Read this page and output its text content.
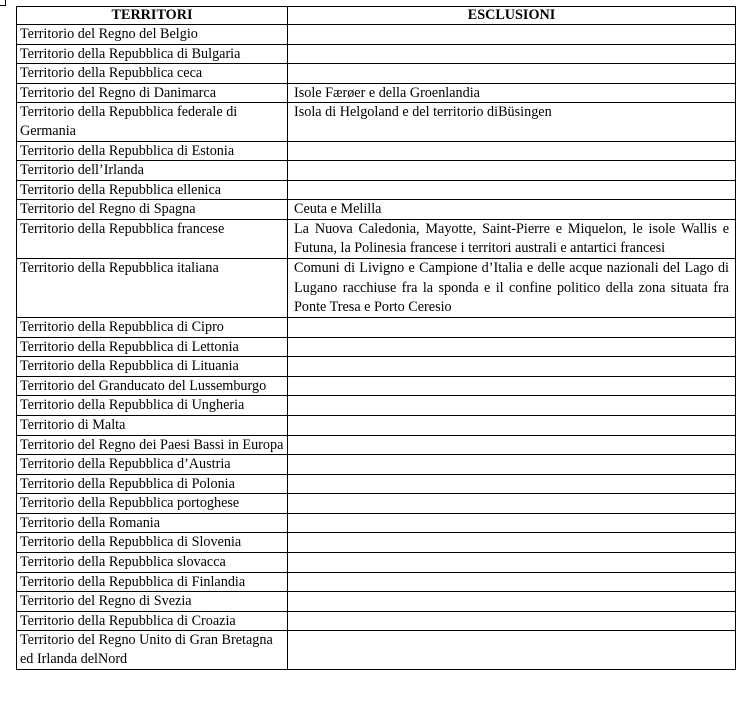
TERRITORI	ESCLUSIONI
Territorio del Regno del Belgio	
Territorio della Repubblica di Bulgaria	
Territorio della Repubblica ceca	
Territorio del Regno di Danimarca	Isole Færøer e della Groenlandia
Territorio della Repubblica federale di Germania	Isola di Helgoland e del territorio diBüsingen
Territorio della Repubblica di Estonia	
Territorio dell’Irlanda	
Territorio della Repubblica ellenica	
Territorio del Regno di Spagna	Ceuta e Melilla
Territorio della Repubblica francese	La Nuova Caledonia, Mayotte, Saint-Pierre e Miquelon, le isole Wallis e Futuna, la Polinesia francese i territori australi e antartici francesi
Territorio della Repubblica italiana	Comuni di Livigno e Campione d’Italia e delle acque nazionali del Lago di Lugano racchiuse fra la sponda e il confine politico della zona situata fra Ponte Tresa e Porto Ceresio
Territorio della Repubblica di Cipro	
Territorio della Repubblica di Lettonia	
Territorio della Repubblica di Lituania	
Territorio del Granducato del Lussemburgo	
Territorio della Repubblica di Ungheria	
Territorio di Malta	
Territorio del Regno dei Paesi Bassi in Europa	
Territorio della Repubblica d’Austria	
Territorio della Repubblica di Polonia	
Territorio della Repubblica portoghese	
Territorio della Romania	
Territorio della Repubblica di Slovenia	
Territorio della Repubblica slovacca	
Territorio della Repubblica di Finlandia	
Territorio del Regno di Svezia	
Territorio della Repubblica di Croazia	
Territorio del Regno Unito di Gran Bretagna ed Irlanda delNord	
